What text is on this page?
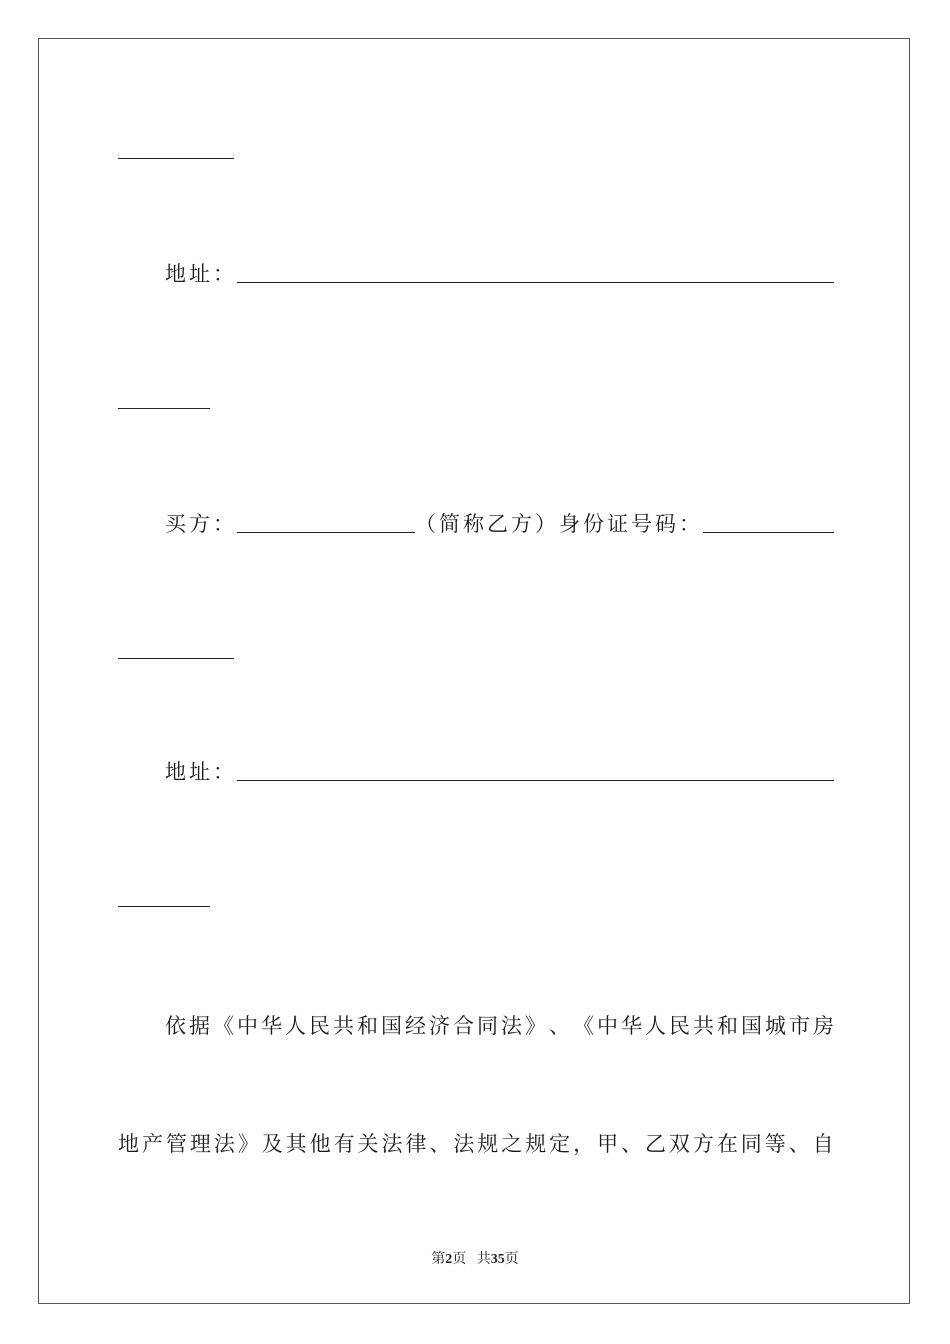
地址：
买方：	（简称乙方） 身份证号码：
地址：
依 据 《 中 华 人 民 共 和 国 经 济 合 同 法 》 、 《 中 华 人 民 共 和 国 城 市 房
地 产 管 理 法 》 及 其 他 有 关 法 律 、 法 规 之 规 定 ， 甲 、 乙 双 方 在 同 等 、 自
第2页 共35页
